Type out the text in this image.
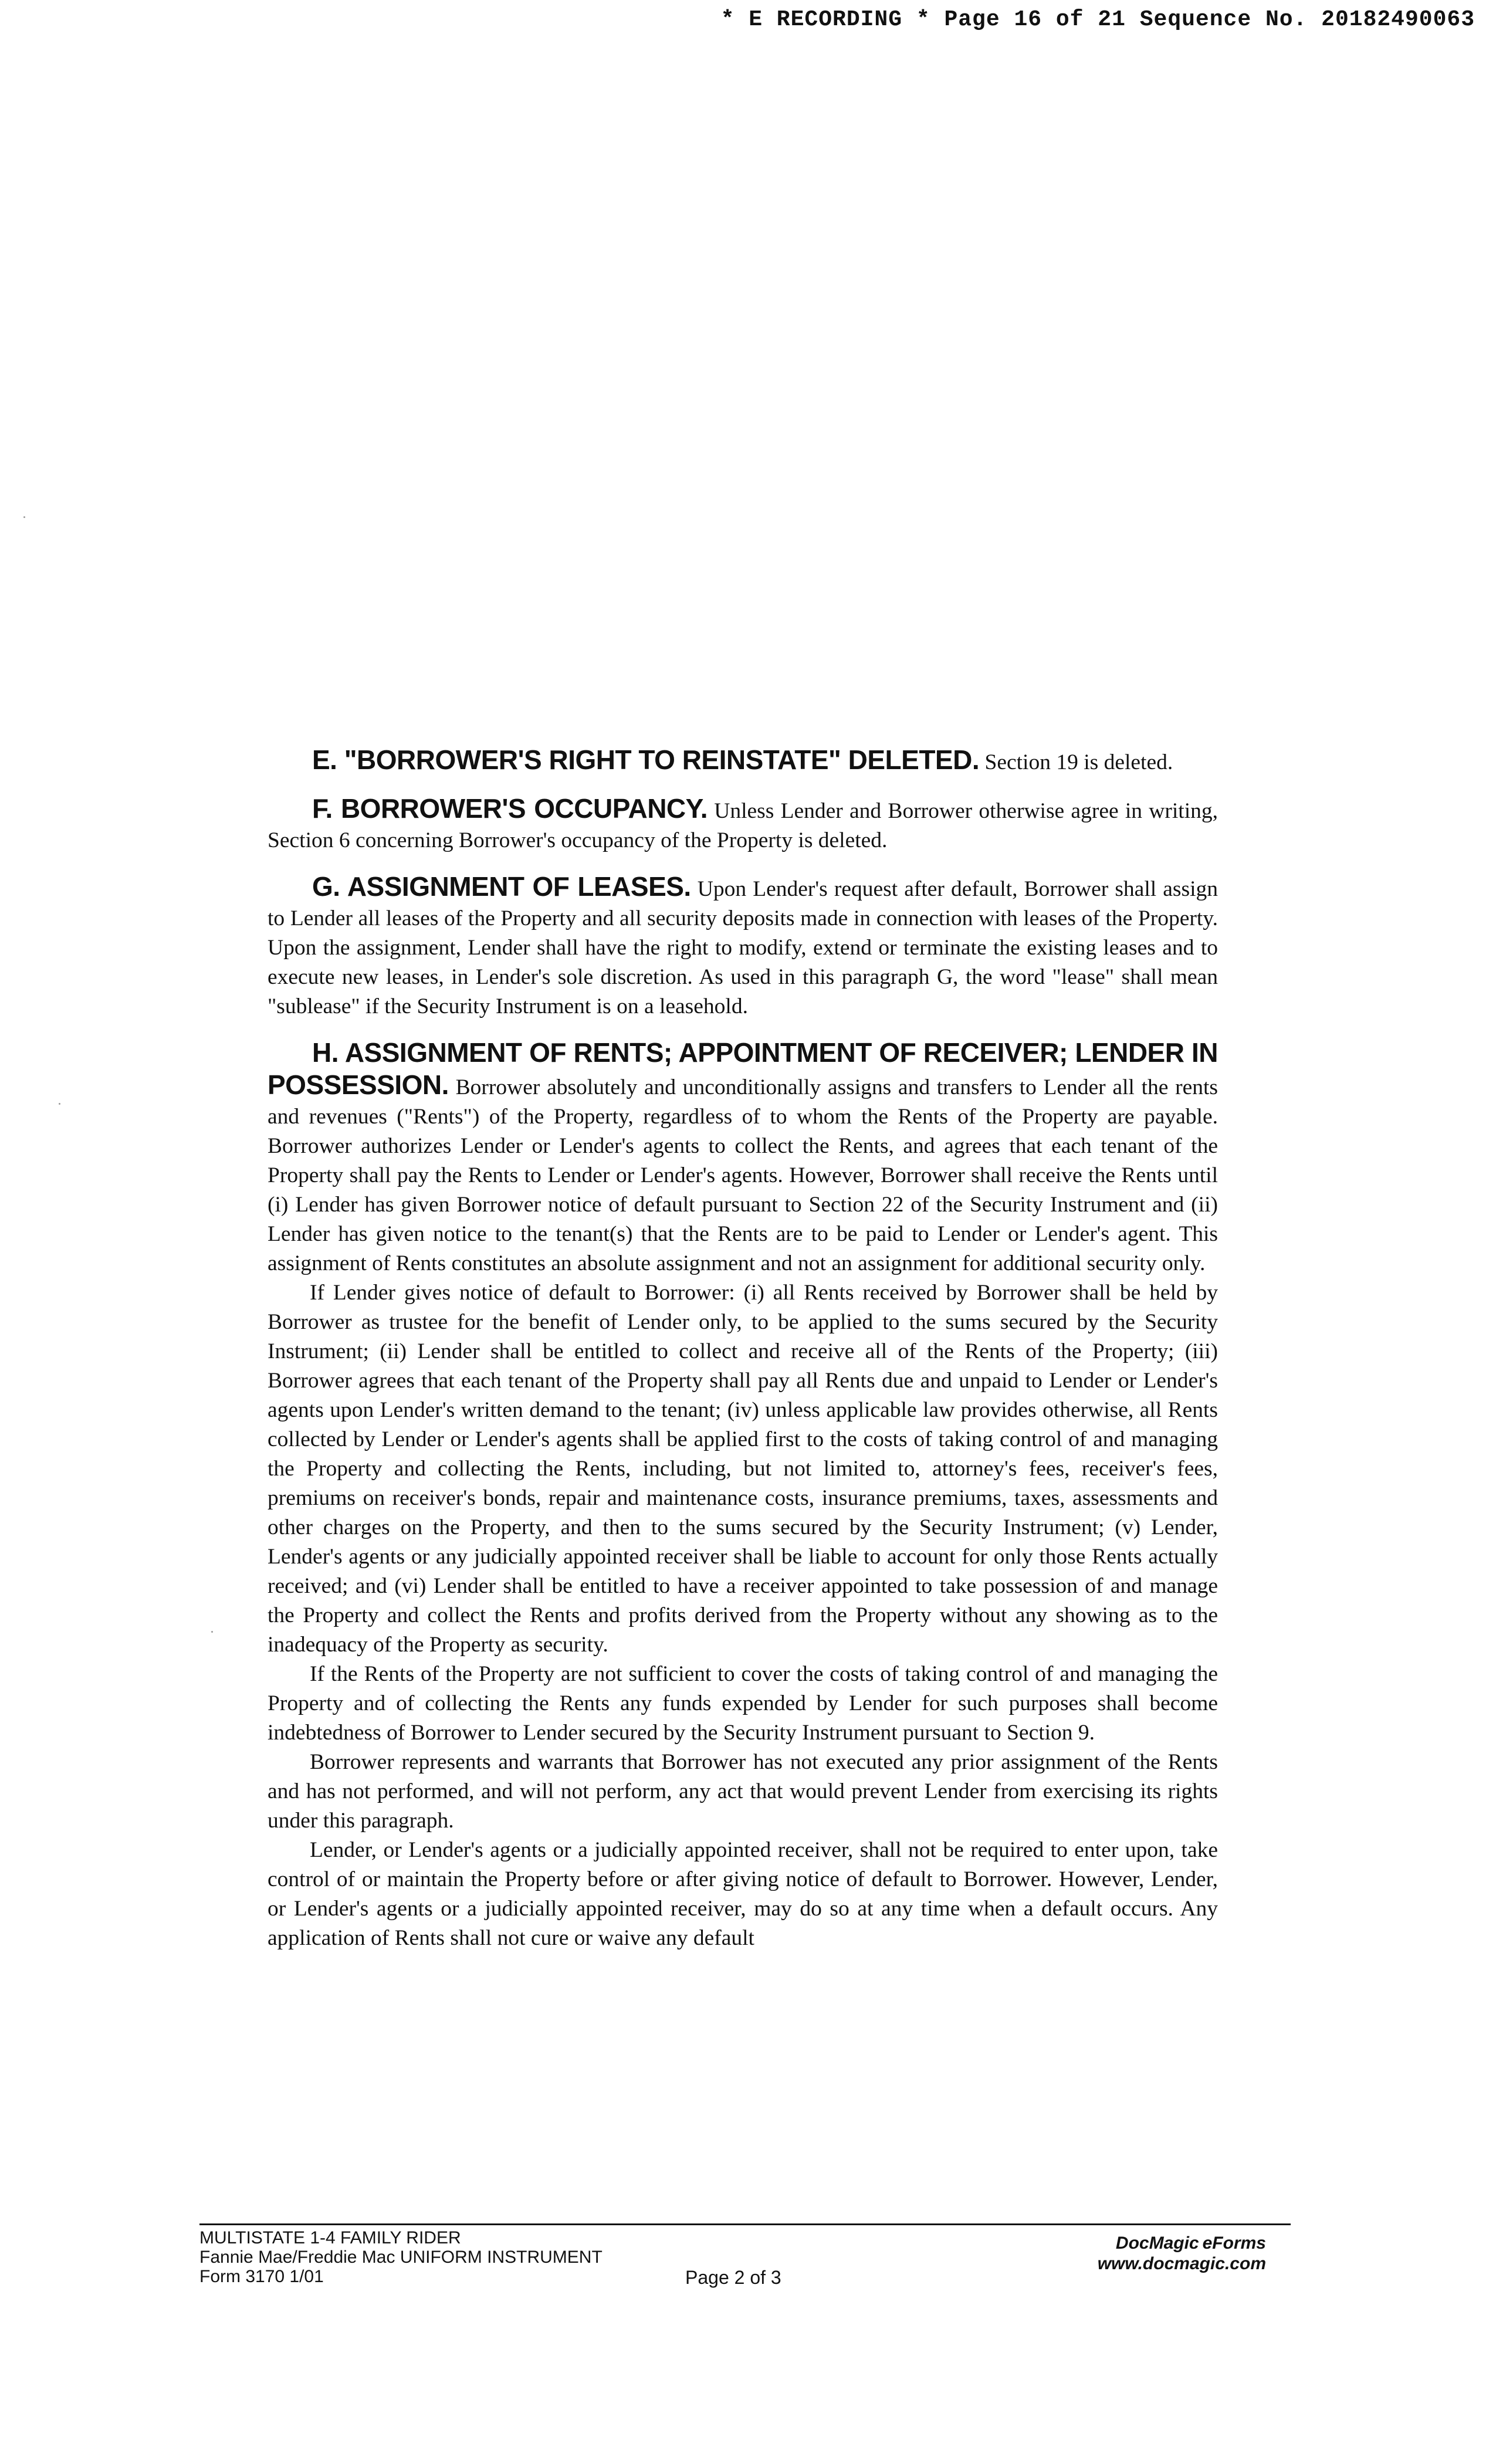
* E RECORDING * Page 16 of 21 Sequence No. 20182490063
E. "BORROWER'S RIGHT TO REINSTATE" DELETED. Section 19 is deleted.
F. BORROWER'S OCCUPANCY. Unless Lender and Borrower otherwise agree in writing, Section 6 concerning Borrower's occupancy of the Property is deleted.
G. ASSIGNMENT OF LEASES. Upon Lender's request after default, Borrower shall assign to Lender all leases of the Property and all security deposits made in connection with leases of the Property. Upon the assignment, Lender shall have the right to modify, extend or terminate the existing leases and to execute new leases, in Lender's sole discretion. As used in this paragraph G, the word "lease" shall mean "sublease" if the Security Instrument is on a leasehold.

H. ASSIGNMENT OF RENTS; APPOINTMENT OF RECEIVER; LENDER IN POSSESSION. Borrower absolutely and unconditionally assigns and transfers to Lender all the rents and revenues ("Rents") of the Property, regardless of to whom the Rents of the Property are payable. Borrower authorizes Lender or Lender's agents to collect the Rents, and agrees that each tenant of the Property shall pay the Rents to Lender or Lender's agents. However, Borrower shall receive the Rents until (i) Lender has given Borrower notice of default pursuant to Section 22 of the Security Instrument and (ii) Lender has given notice to the tenant(s) that the Rents are to be paid to Lender or Lender's agent. This assignment of Rents constitutes an absolute assignment and not an assignment for additional security only.

If Lender gives notice of default to Borrower: (i) all Rents received by Borrower shall be held by Borrower as trustee for the benefit of Lender only, to be applied to the sums secured by the Security Instrument; (ii) Lender shall be entitled to collect and receive all of the Rents of the Property; (iii) Borrower agrees that each tenant of the Property shall pay all Rents due and unpaid to Lender or Lender's agents upon Lender's written demand to the tenant; (iv) unless applicable law provides otherwise, all Rents collected by Lender or Lender's agents shall be applied first to the costs of taking control of and managing the Property and collecting the Rents, including, but not limited to, attorney's fees, receiver's fees, premiums on receiver's bonds, repair and maintenance costs, insurance premiums, taxes, assessments and other charges on the Property, and then to the sums secured by the Security Instrument; (v) Lender, Lender's agents or any judicially appointed receiver shall be liable to account for only those Rents actually received; and (vi) Lender shall be entitled to have a receiver appointed to take possession of and manage the Property and collect the Rents and profits derived from the Property without any showing as to the inadequacy of the Property as security.

If the Rents of the Property are not sufficient to cover the costs of taking control of and managing the Property and of collecting the Rents any funds expended by Lender for such purposes shall become indebtedness of Borrower to Lender secured by the Security Instrument pursuant to Section 9.

Borrower represents and warrants that Borrower has not executed any prior assignment of the Rents and has not performed, and will not perform, any act that would prevent Lender from exercising its rights under this paragraph.

Lender, or Lender's agents or a judicially appointed receiver, shall not be required to enter upon, take control of or maintain the Property before or after giving notice of default to Borrower. However, Lender, or Lender's agents or a judicially appointed receiver, may do so at any time when a default occurs. Any application of Rents shall not cure or waive any default

MULTISTATE 1-4 FAMILY RIDER
Fannie Mae/Freddie Mac UNIFORM INSTRUMENT
Form 3170 1/01	Page 2 of 3
DocMagic eForms
www.docmagic.com
